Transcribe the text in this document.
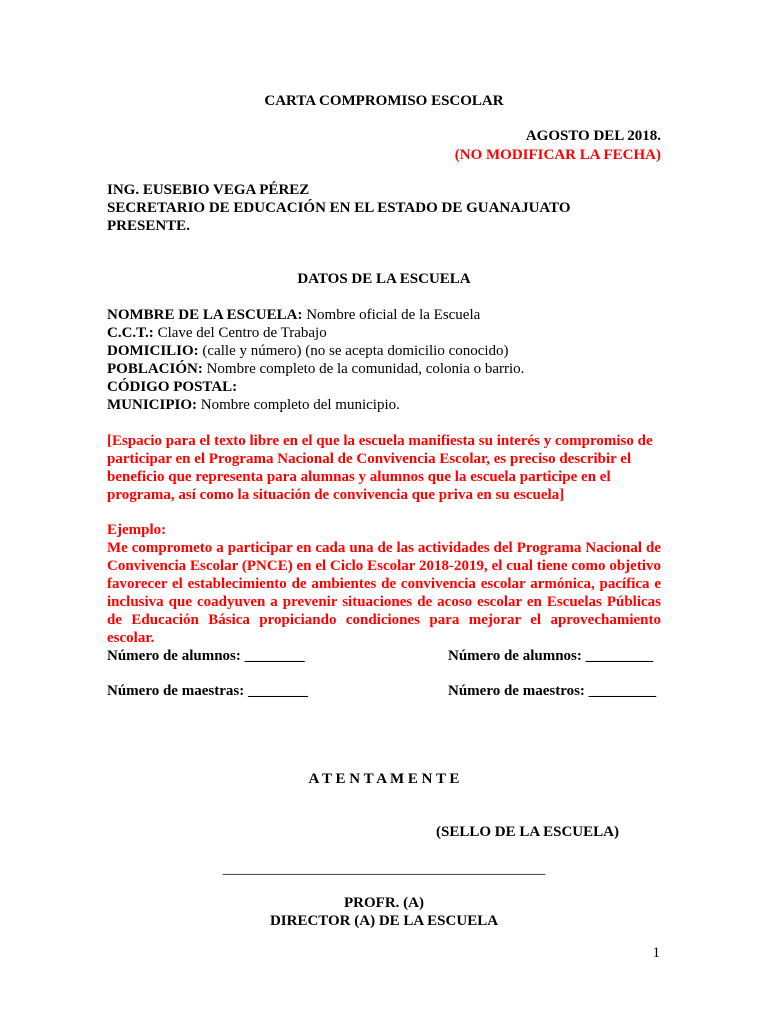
CARTA COMPROMISO ESCOLAR
AGOSTO DEL 2018.
(NO MODIFICAR LA FECHA)
ING. EUSEBIO VEGA PÉREZ
SECRETARIO DE EDUCACIÓN EN EL ESTADO DE GUANAJUATO
PRESENTE.
DATOS DE LA ESCUELA
NOMBRE DE LA ESCUELA: Nombre oficial de la Escuela
C.C.T.: Clave del Centro de Trabajo
DOMICILIO: (calle y número) (no se acepta domicilio conocido)
POBLACIÓN: Nombre completo de la comunidad, colonia o barrio.
CÓDIGO POSTAL:
MUNICIPIO: Nombre completo del municipio.
[Espacio para el texto libre en el que la escuela manifiesta su interés y compromiso de
participar en el Programa Nacional de Convivencia Escolar, es preciso describir el
beneficio que representa para alumnas y alumnos que la escuela participe en el
programa, así como la situación de convivencia que priva en su escuela]
Ejemplo:
Me comprometo a participar en cada una de las actividades del Programa Nacional de
Convivencia Escolar (PNCE) en el Ciclo Escolar 2018-2019, el cual tiene como objetivo
favorecer el establecimiento de ambientes de convivencia escolar armónica, pacífica e
inclusiva que coadyuven a prevenir situaciones de acoso escolar en Escuelas Públicas
de Educación Básica propiciando condiciones para mejorar el aprovechamiento
escolar.
Número de alumnos: ________	Número de alumnos: _________
Número de maestras: ________	Número de maestros: _________
A T E N T A M E N T E
(SELLO DE LA ESCUELA)
___________________________________________
PROFR. (A)
DIRECTOR (A) DE LA ESCUELA
1
